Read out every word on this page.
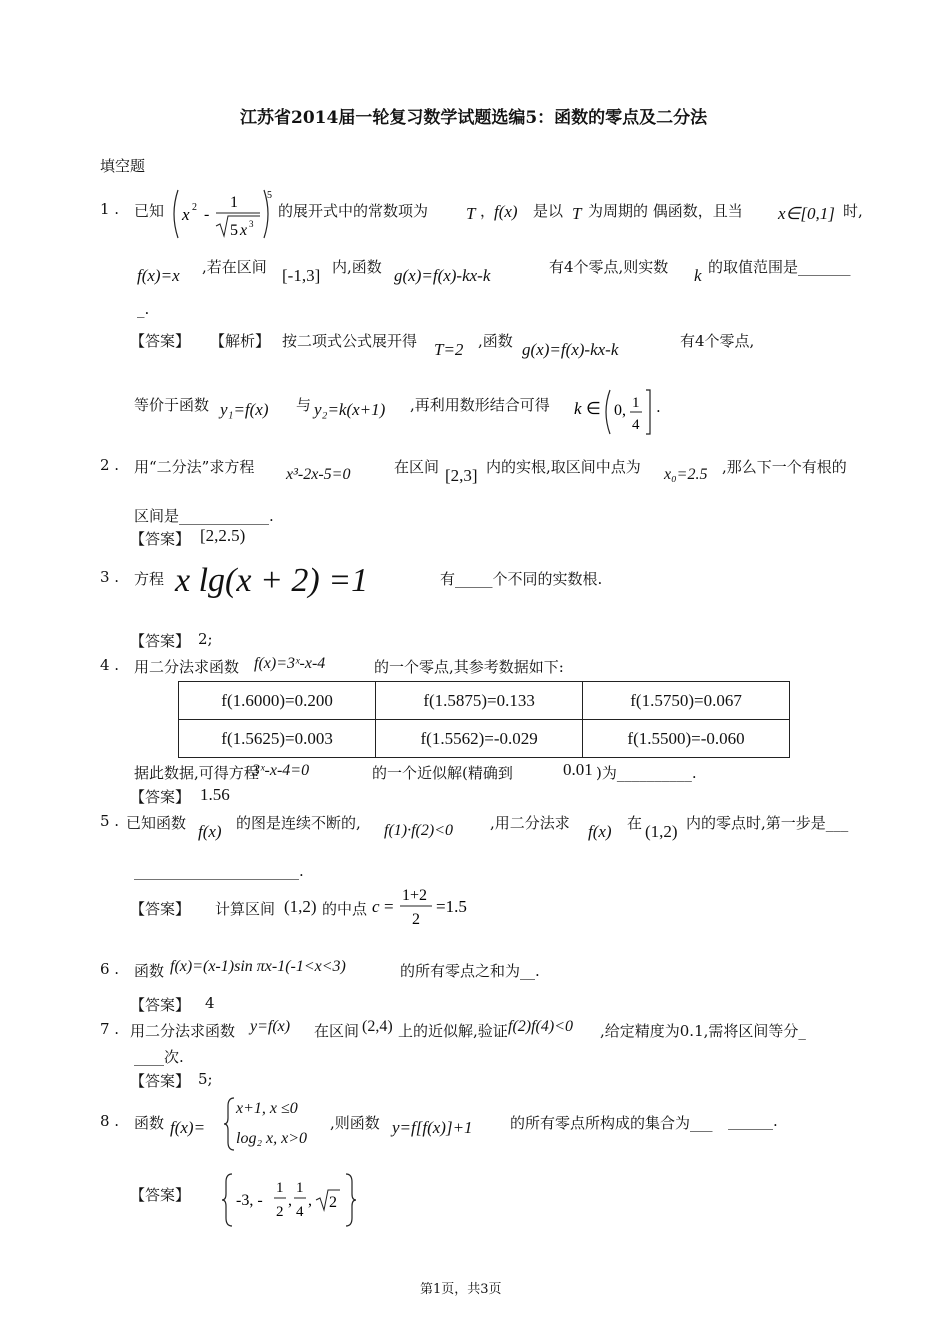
江苏省2014届一轮复习数学试题选编5：函数的零点及二分法
填空题
1 . 已知 x 2 -
1
5 x 3
5
的展开式中的常数项为 T ，
f(x) 是以 T 为周期的 偶函数，且当 x∈[0,1] 时,
f(x)=x ,若在区间 [-1,3] 内,函数 g(x)=f(x)-kx-k	有4个零点,则实数 k 的取值范围是_______
_.
【答案】 【解析】 按二项式公式展开得 T=2 ,函数 g(x)=f(x)-kx-k	有4个零点,
等价于函数 y₁=f(x) 与 y₂=k(x+1) ,再利用数形结合可得 k ∈ 0, 1
4
.
2 . 用“二分法”求方程 x³-2x-5=0	在区间 [2,3] 内的实根,取区间中点为 x₀=2.5 ,那么下一个有根的
区间是____________.
【答案】 [2,2.5)
3 . 方程 x lg(x + 2) =1	有_____个不同的实数根.
【答案】 2;
4 . 用二分法求函数 f(x)=3ˣ-x-4	的一个零点,其参考数据如下:
f(1.6000)=0.200	f(1.5875)=0.133	f(1.5750)=0.067
f(1.5625)=0.003	f(1.5562)=-0.029	f(1.5500)=-0.060
据此数据,可得方程
3ˣ-x-4=0	的一个近似解(精确到	0.01 )为__________.
【答案】 1.56
5 . 已知函数 f(x) 的图是连续不断的, f(1)·f(2)<0 ,用二分法求 f(x) 在 (1,2) 内的零点时,第一步是___
______________________.
【答案】 计算区间 (1,2) 的中点 c =
1+2
2
=1.5
6 . 函数 f(x)=(x-1)sin πx-1(-1<x<3)	的所有零点之和为__.
【答案】 4
7 . 用二分法求函数 y=f(x) 在区间 (2,4) 上的近似解,验证 f(2)f(4)<0 ,给定精度为0.1,需将区间等分_
____次.
【答案】 5;
8 . 函数 f(x)=
x+1, x ≤0
log₂ x, x>0
,则函数 y=f[f(x)]+1 的所有零点所构成的集合为___ ______.
【答案】	-3, -
1
2
,
1
4
, 2
第1页，共3页
